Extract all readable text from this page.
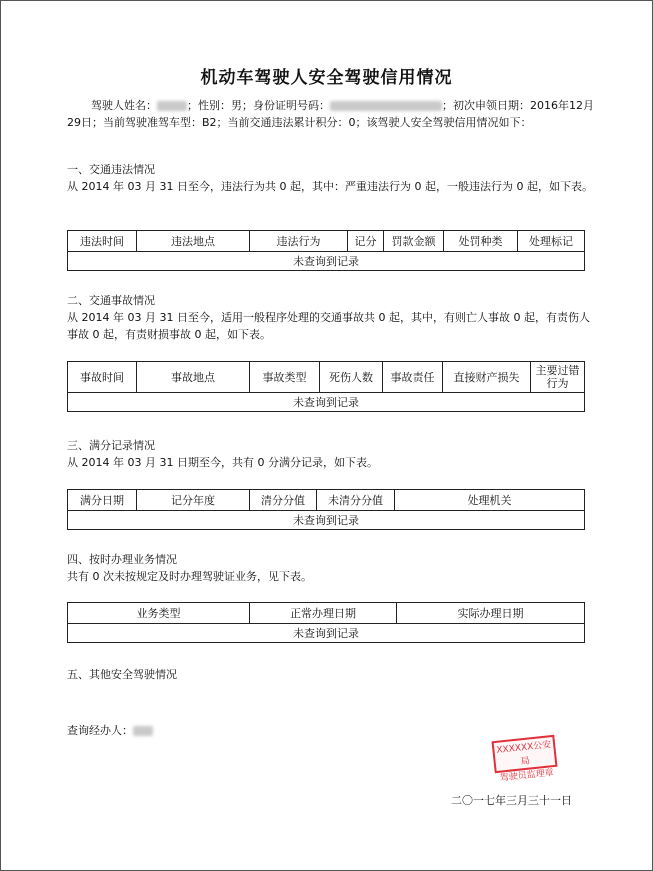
机动车驾驶人安全驾驶信用情况
驾驶人姓名：	；性别：男；身份证明号码：	；初次申领日期：2016年12月29日；当前驾驶准驾车型：B2；当前交通违法累计积分：0；该驾驶人安全驾驶信用情况如下：
一、交通违法情况
从 2014 年 03 月 31 日至今，违法行为共 0 起，其中：严重违法行为 0 起，一般违法行为 0 起，如下表。
违法时间	违法地点	违法行为	记分	罚款金额	处罚种类	处理标记
未查询到记录
二、交通事故情况
从 2014 年 03 月 31 日至今，适用一般程序处理的交通事故共 0 起，其中，有则亡人事故 0 起，有责伤人事故 0 起，有责财损事故 0 起，如下表。
事故时间	事故地点	事故类型	死伤人数	事故责任	直接财产损失	主要过错行为
未查询到记录
三、满分记录情况
从 2014 年 03 月 31 日期至今，共有 0 分满分记录，如下表。
满分日期	记分年度	清分分值	未清分分值	处理机关
未查询到记录
四、按时办理业务情况
共有 0 次未按规定及时办理驾驶证业务，见下表。
业务类型	正常办理日期	实际办理日期
未查询到记录
五、其他安全驾驶情况
查询经办人：
XXXXXX公安局
驾驶员监理章
二〇一七年三月三十一日
